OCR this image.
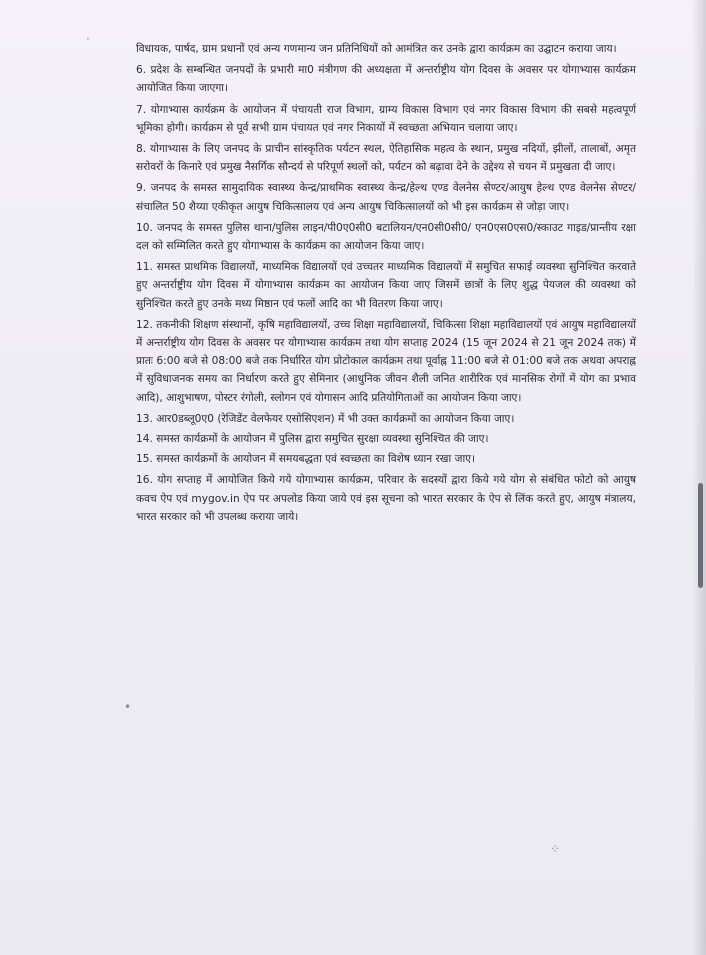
·
•
⁘

विधायक, पार्षद, ग्राम प्रधानों एवं अन्य गणमान्य जन प्रतिनिधियों को आमंत्रित कर उनके द्वारा कार्यक्रम का उद्घाटन कराया जाय।

6. प्रदेश के सम्बन्धित जनपदों के प्रभारी मा0 मंत्रीगण की अध्यक्षता में अन्तर्राष्ट्रीय योग दिवस के अवसर पर योगाभ्यास कार्यक्रम आयोजित किया जाएगा।

7. योगाभ्यास कार्यक्रम के आयोजन में पंचायती राज विभाग, ग्राम्य विकास विभाग एवं नगर विकास विभाग की सबसे महत्वपूर्ण भूमिका होगी। कार्यक्रम से पूर्व सभी ग्राम पंचायत एवं नगर निकायों में स्वच्छता अभियान चलाया जाए।

8. योगाभ्यास के लिए जनपद के प्राचीन सांस्कृतिक पर्यटन स्थल, ऐतिहासिक महत्व के स्थान, प्रमुख नदियों, झीलों, तालाबों, अमृत सरोवरों के किनारे एवं प्रमुख नैसर्गिक सौन्दर्य से परिपूर्ण स्थलों को, पर्यटन को बढ़ावा देने के उद्देश्य से चयन में प्रमुखता दी जाए।

9. जनपद के समस्त सामुदायिक स्वास्थ्य केन्द्र/प्राथमिक स्वास्थ्य केन्द्र/हेल्थ एण्ड वेलनेस सेण्टर/आयुष हेल्थ एण्ड वेलनेस सेण्टर/संचालित 50 शैय्या एकीकृत आयुष चिकित्सालय एवं अन्य आयुष चिकित्सालयों को भी इस कार्यक्रम से जोड़ा जाए।

10. जनपद के समस्त पुलिस थाना/पुलिस लाइन/पी0ए0सी0 बटालियन/एन0सी0सी0/ एन0एस0एस0/स्काउट गाइड/प्रान्तीय रक्षा दल को सम्मिलित करते हुए योगाभ्यास के कार्यक्रम का आयोजन किया जाए।

11. समस्त प्राथमिक विद्यालयों, माध्यमिक विद्यालयों एवं उच्चतर माध्यमिक विद्यालयों में समुचित सफाई व्यवस्था सुनिश्चित करवाते हुए अन्तर्राष्ट्रीय योग दिवस में योगाभ्यास कार्यक्रम का आयोजन किया जाए जिसमें छात्रों के लिए शुद्ध पेयजल की व्यवस्था को सुनिश्चित करते हुए उनके मध्य मिष्ठान एवं फलों आदि का भी वितरण किया जाए।

12. तकनीकी शिक्षण संस्थानों, कृषि महाविद्यालयों, उच्च शिक्षा महाविद्यालयों, चिकित्सा शिक्षा महाविद्यालयों एवं आयुष महाविद्यालयों में अन्तर्राष्ट्रीय योग दिवस के अवसर पर योगाभ्यास कार्यक्रम तथा योग सप्ताह 2024 (15 जून 2024 से 21 जून 2024 तक) में प्रातः 6:00 बजे से 08:00 बजे तक निर्धारित योग प्रोटोकाल कार्यक्रम तथा पूर्वाह्न 11:00 बजे से 01:00 बजे तक अथवा अपराह्न में सुविधाजनक समय का निर्धारण करते हुए सेमिनार (आधुनिक जीवन शैली जनित शारीरिक एवं मानसिक रोगों में योग का प्रभाव आदि), आशुभाषण, पोस्टर रंगोली, स्लोगन एवं योगासन आदि प्रतियोगिताओं का आयोजन किया जाए।

13. आर0डब्लू0ए0 (रेजिडेंट वेलफेयर एसोसिएशन) में भी उक्त कार्यक्रमों का आयोजन किया जाए।

14. समस्त कार्यक्रमों के आयोजन में पुलिस द्वारा समुचित सुरक्षा व्यवस्था सुनिश्चित की जाए।

15. समस्त कार्यक्रमों के आयोजन में समयबद्धता एवं स्वच्छता का विशेष ध्यान रखा जाए।

16. योग सप्ताह में आयोजित किये गये योगाभ्यास कार्यक्रम, परिवार के सदस्यों द्वारा किये गये योग से संबंधित फोटो को आयुष कवच ऐप एवं mygov.in ऐप पर अपलोड किया जाये एवं इस सूचना को भारत सरकार के ऐप से लिंक करते हुए, आयुष मंत्रालय, भारत सरकार को भी उपलब्ध कराया जाये।
